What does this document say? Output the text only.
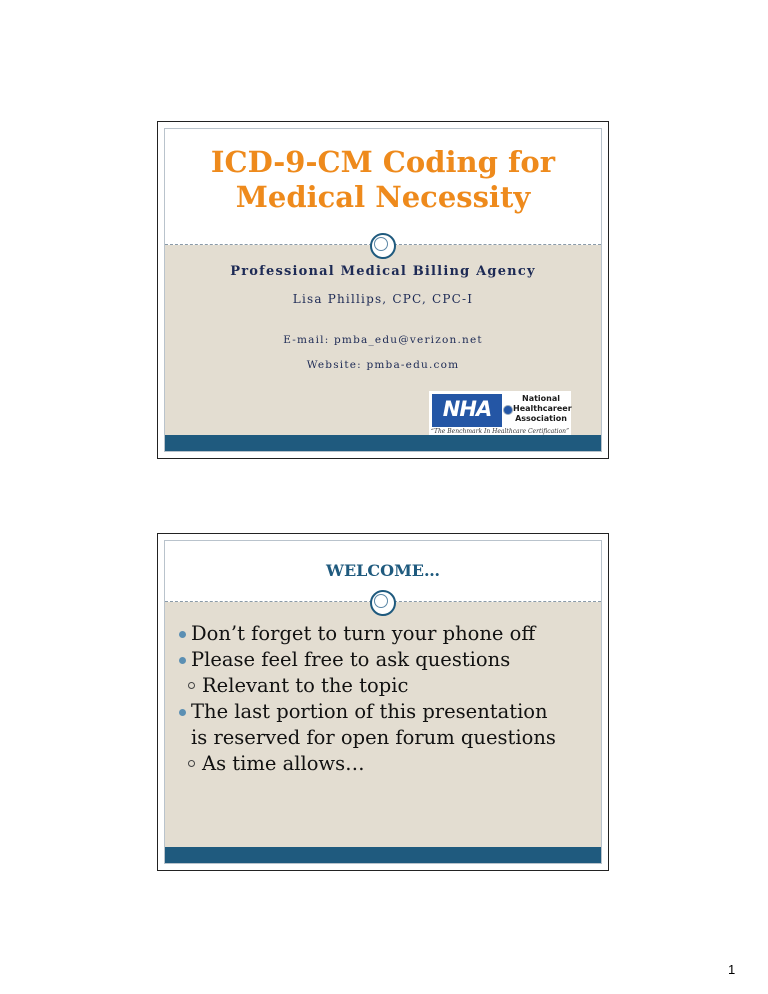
ICD-9-CM Coding for
Medical Necessity
Professional Medical Billing Agency
Lisa Phillips, CPC, CPC-I
E-mail: pmba_edu@verizon.net
Website: pmba-edu.com
NHA	National
Healthcareer
Association
“The Benchmark In Healthcare Certification”
WELCOME…
Don’t forget to turn your phone off
Please feel free to ask questions
Relevant to the topic
The last portion of this presentation
is reserved for open forum questions
As time allows…
1
